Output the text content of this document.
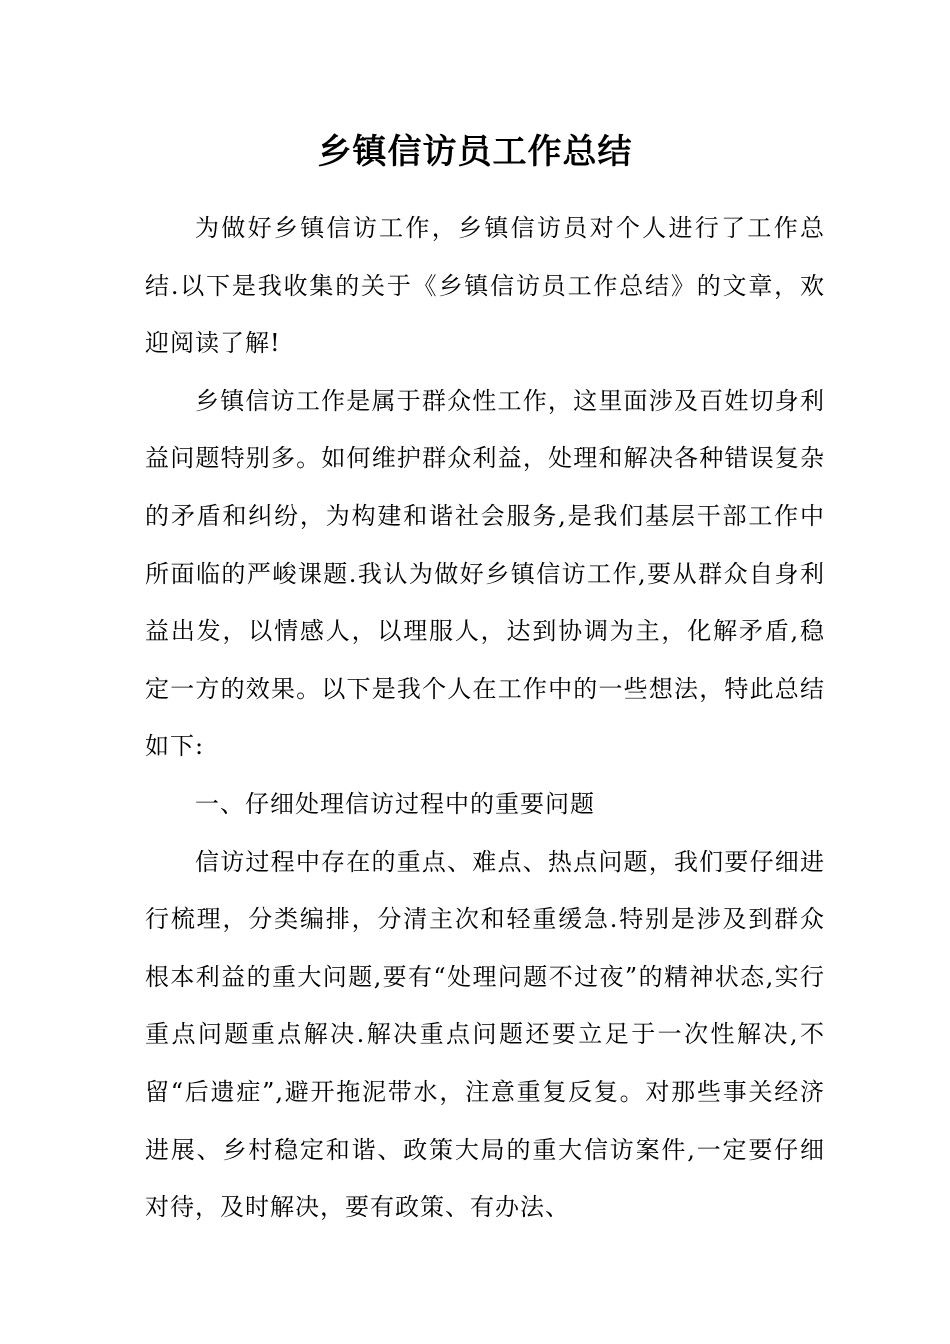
乡镇信访员工作总结

为做好乡镇信访工作，乡镇信访员对个人进行了工作总结.以下是我收集的关于《乡镇信访员工作总结》的文章，欢迎阅读了解!

乡镇信访工作是属于群众性工作，这里面涉及百姓切身利益问题特别多。如何维护群众利益，处理和解决各种错误复杂的矛盾和纠纷，为构建和谐社会服务,是我们基层干部工作中所面临的严峻课题.我认为做好乡镇信访工作,要从群众自身利益出发，以情感人，以理服人，达到协调为主，化解矛盾,稳定一方的效果。以下是我个人在工作中的一些想法，特此总结如下:

一、仔细处理信访过程中的重要问题

信访过程中存在的重点、难点、热点问题，我们要仔细进行梳理，分类编排，分清主次和轻重缓急.特别是涉及到群众根本利益的重大问题,要有“处理问题不过夜”的精神状态,实行重点问题重点解决.解决重点问题还要立足于一次性解决,不留“后遗症”,避开拖泥带水，注意重复反复。对那些事关经济进展、乡村稳定和谐、政策大局的重大信访案件,一定要仔细对待，及时解决，要有政策、有办法、
